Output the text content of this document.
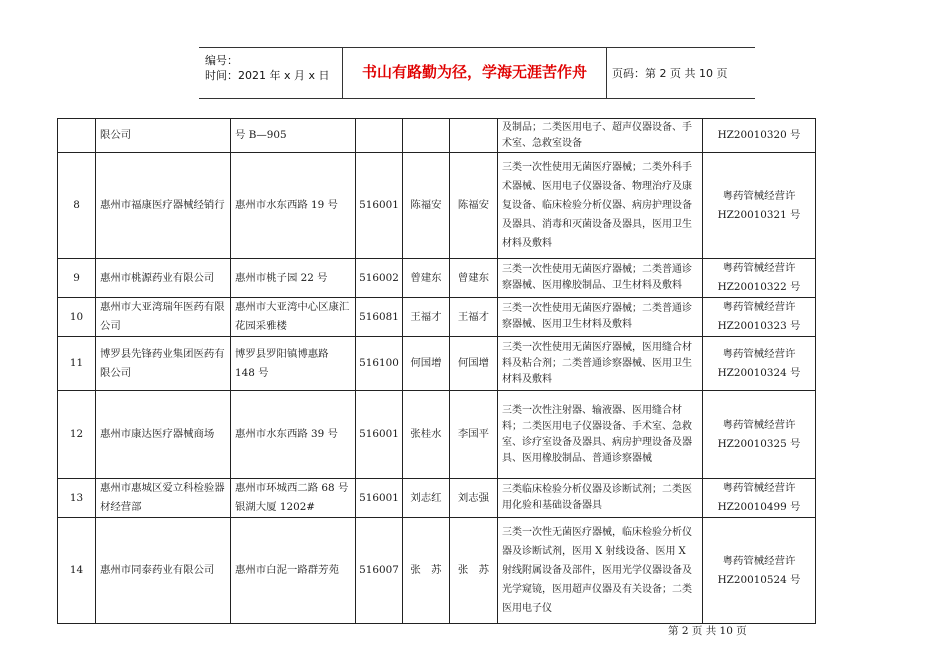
编号：
时间：2021 年 x 月 x 日	书山有路勤为径，学海无涯苦作舟	页码：第 2 页 共 10 页
	限公司	号 B—905				及制品；二类医用电子、超声仪器设备、手术室、急救室设备	HZ20010320 号
8	惠州市福康医疗器械经销行	惠州市水东西路 19 号	516001	陈福安	陈福安	三类一次性使用无菌医疗器械；二类外科手术器械、医用电子仪器设备、物理治疗及康复设备、临床检验分析仪器、病房护理设备及器具、消毒和灭菌设备及器具，医用卫生材料及敷料	粤药管械经营许 HZ20010321 号
9	惠州市桃源药业有限公司	惠州市桃子园 22 号	516002	曾建东	曾建东	三类一次性使用无菌医疗器械；二类普通诊察器械、医用橡胶制品、卫生材料及敷料	粤药管械经营许 HZ20010322 号
10	惠州市大亚湾瑞年医药有限公司	惠州市大亚湾中心区康汇花园采雅楼	516081	王福才	王福才	三类一次性使用无菌医疗器械；二类普通诊察器械、医用卫生材料及敷料	粤药管械经营许 HZ20010323 号
11	博罗县先锋药业集团医药有限公司	博罗县罗阳镇博惠路 148 号	516100	何国增	何国增	三类一次性使用无菌医疗器械，医用缝合材料及粘合剂；二类普通诊察器械、医用卫生材料及敷料	粤药管械经营许 HZ20010324 号
12	惠州市康达医疗器械商场	惠州市水东西路 39 号	516001	张桂水	李国平	三类一次性注射器、输液器、医用缝合材料；二类医用电子仪器设备、手术室、急救室、诊疗室设备及器具、病房护理设备及器具、医用橡胶制品、普通诊察器械	粤药管械经营许 HZ20010325 号
13	惠州市惠城区爱立科检验器材经营部	惠州市环城西二路 68 号银湖大厦 1202#	516001	刘志红	刘志强	三类临床检验分析仪器及诊断试剂；二类医用化验和基础设备器具	粤药管械经营许 HZ20010499 号
14	惠州市同泰药业有限公司	惠州市白泥一路群芳苑	516007	张　苏	张　苏	三类一次性无菌医疗器械，临床检验分析仪器及诊断试剂，医用 X 射线设备、医用 X 射线附属设备及部件，医用光学仪器设备及光学窥镜，医用超声仪器及有关设备；二类医用电子仪	粤药管械经营许 HZ20010524 号
第 2 页 共 10 页
